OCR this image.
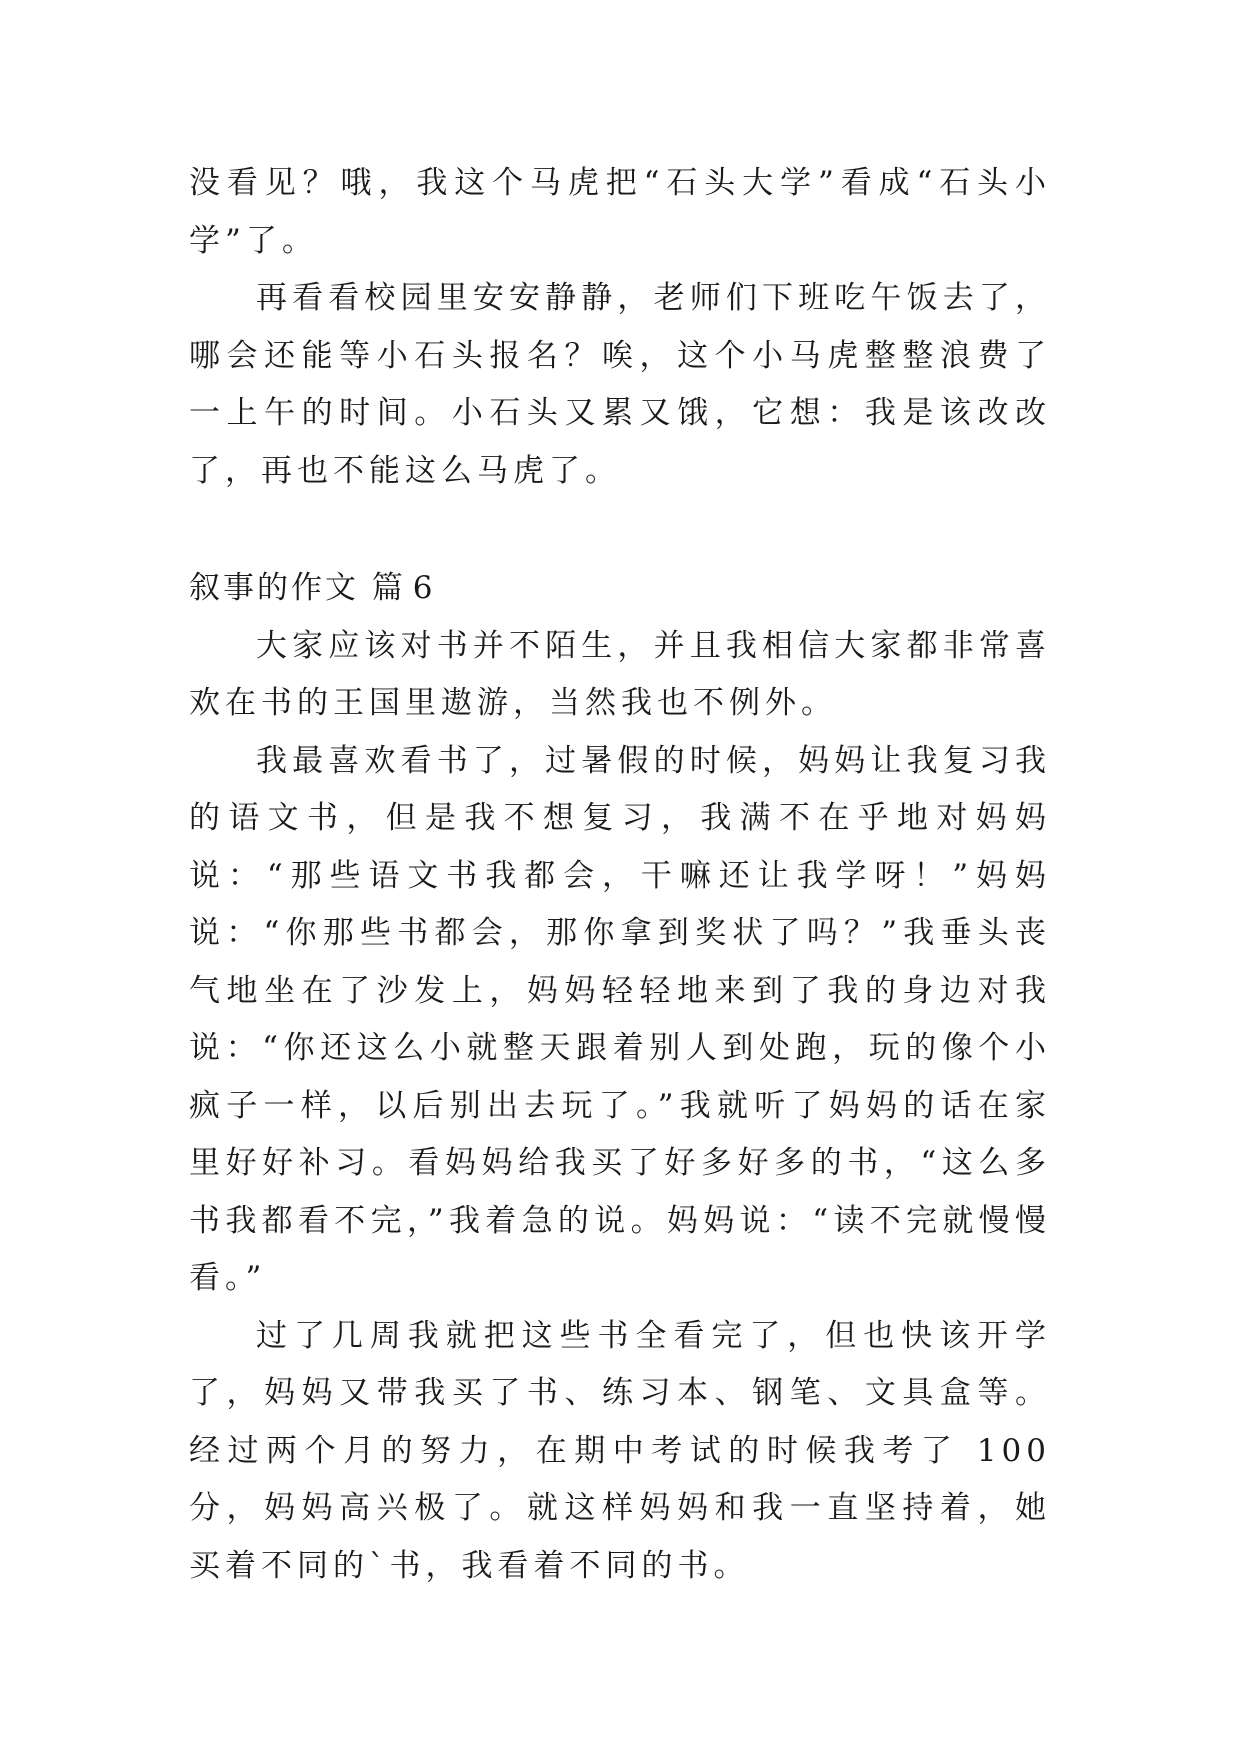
没看见？哦，我这个马虎把“石头大学”看成“石头小学”了。

再看看校园里安安静静，老师们下班吃午饭去了，哪会还能等小石头报名？唉，这个小马虎整整浪费了一上午的时间。小石头又累又饿，它想：我是该改改了，再也不能这么马虎了。

叙事的作文 篇 6

大家应该对书并不陌生，并且我相信大家都非常喜欢在书的王国里遨游，当然我也不例外。

我最喜欢看书了，过暑假的时候，妈妈让我复习我的语文书，但是我不想复习，我满不在乎地对妈妈说：“那些语文书我都会，干嘛还让我学呀！”妈妈说：“你那些书都会，那你拿到奖状了吗？”我垂头丧气地坐在了沙发上，妈妈轻轻地来到了我的身边对我说：“你还这么小就整天跟着别人到处跑，玩的像个小疯子一样，以后别出去玩了。”我就听了妈妈的话在家里好好补习。看妈妈给我买了好多好多的书，“这么多书我都看不完，”我着急的说。妈妈说：“读不完就慢慢看。”

过了几周我就把这些书全看完了，但也快该开学了，妈妈又带我买了书、练习本、钢笔、文具盒等。经过两个月的努力，在期中考试的时候我考了 100 分，妈妈高兴极了。就这样妈妈和我一直坚持着，她买着不同的`书，我看着不同的书。
